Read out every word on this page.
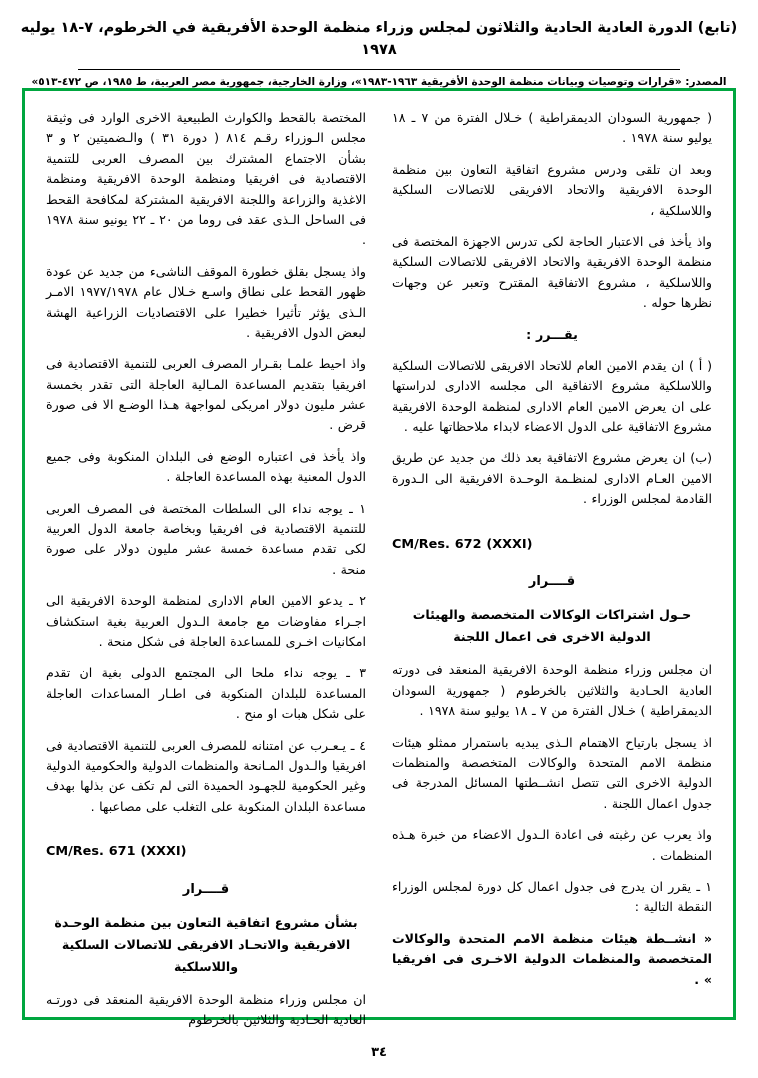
(تابع) الدورة العادية الحادية والثلاثون لمجلس وزراء منظمة الوحدة الأفريقية في الخرطوم، ٧-١٨ يوليه ١٩٧٨
المصدر: «قرارات وتوصيات وبيانات منظمة الوحدة الأفريقية ١٩٦٣-١٩٨٣»، وزارة الخارجية، جمهورية مصر العربية، ط ١٩٨٥، ص ٤٧٢-٥١٣»

( جمهورية السودان الديمقراطية ) خـلال الفترة من ٧ ـ ١٨ يوليو سنة ١٩٧٨ .

وبعد ان تلقى ودرس مشروع اتفاقية التعاون بين منظمة الوحدة الافريقية والاتحاد الافريقى للاتصالات السلكية واللاسلكية ،

واذ يأخذ فى الاعتبار الحاجة لكى تدرس الاجهزة المختصة فى منظمة الوحدة الافريقية والاتحاد الافريقى للاتصالات السلكية واللاسلكية ، مشروع الاتفاقية المقترح وتعبر عن وجهات نظرها حوله .

يقـــرر :

( أ ) ان يقدم الامين العام للاتحاد الافريقى للاتصالات السلكية واللاسلكية مشروع الاتفاقية الى مجلسه الادارى لدراستها على ان يعرض الامين العام الادارى لمنظمة الوحدة الافريقية مشروع الاتفاقية على الدول الاعضاء لابداء ملاحظاتها عليه .

(ب) ان يعرض مشروع الاتفاقية بعد ذلك من جديد عن طريق الامين العـام الادارى لمنظـمة الوحـدة الافريقية الى الـدورة القادمة لمجلس الوزراء .

CM/Res. 672 (XXXI)

قــــرار

حـول اشتراكات الوكالات المتخصصة والهيئات الدولية الاخرى فى اعمال اللجنة

ان مجلس وزراء منظمة الوحدة الافريقية المنعقد فى دورته العادية الحـادية والثلاثين بالخرطوم ( جمهورية السودان الديمقراطية ) خـلال الفترة من ٧ ـ ١٨ يوليو سنة ١٩٧٨ .

اذ يسجل بارتياح الاهتمام الـذى يبديه باستمرار ممثلو هيئات منظمة الامم المتحدة والوكالات المتخصصة والمنظمات الدولية الاخرى التى تتصل انشــطتها المسائل المدرجة فى جدول اعمال اللجنة .

واذ يعرب عن رغبته فى اعادة الـدول الاعضاء من خبرة هـذه المنظمات .

١ ـ يقرر ان يدرج فى جدول اعمال كل دورة لمجلس الوزراء النقطة التالية :

« انشــطة هيئات منظمة الامم المتحدة والوكالات المتخصصة والمنظمات الدولية الاخـرى فى افريقيا » .

المختصة بالقحط والكوارث الطبيعية الاخرى الوارد فى وثيقة مجلس الـوزراء رقـم ٨١٤ ( دورة ٣١ ) والـضميتين ٢ و ٣ بشأن الاجتماع المشترك بين المصرف العربى للتنمية الاقتصادية فى افريقيا ومنظمة الوحدة الافريقية ومنظمة الاغذية والزراعة واللجنة الافريقية المشتركة لمكافحة القحط فى الساحل الـذى عقد فى روما من ٢٠ ـ ٢٢ يونيو سنة ١٩٧٨ .

واذ يسجل بقلق خطورة الموقف الناشىء من جديد عن عودة ظهور القحط على نطاق واسـع خـلال عام ١٩٧٧/١٩٧٨ الامـر الـذى يؤثر تأثيرا خطيرا على الاقتصاديات الزراعية الهشة لبعض الدول الافريقية .

واذ احيط علمـا بقـرار المصرف العربى للتنمية الاقتصادية فى افريقيا بتقديم المساعدة المـالية العاجلة التى تقدر بخمسة عشر مليون دولار امريكى لمواجهة هـذا الوضـع الا فى صورة قرض .

واذ يأخذ فى اعتباره الوضع فى البلدان المنكوبة وفى جميع الدول المعنية بهذه المساعدة العاجلة .

١ ـ يوجه نداء الى السلطات المختصة فى المصرف العربى للتنمية الاقتصادية فى افريقيا وبخاصة جامعة الدول العربية لكى تقدم مساعدة خمسة عشر مليون دولار على صورة منحة .

٢ ـ يدعو الامين العام الادارى لمنظمة الوحدة الافريقية الى اجـراء مفاوضات مع جامعة الـدول العربية بغية استكشاف امكانيات اخـرى للمساعدة العاجلة فى شكل منحة .

٣ ـ يوجه نداء ملحا الى المجتمع الدولى بغية ان تقدم المساعدة للبلدان المنكوبة فى اطـار المساعدات العاجلة على شكل هبات او منح .

٤ ـ يـعـرب عن امتنانه للمصرف العربى للتنمية الاقتصادية فى افريقيا والـدول المـانحة والمنظمات الدولية والحكومية الدولية وغير الحكومية للجهـود الحميدة التى لم تكف عن بذلها بهدف مساعدة البلدان المنكوبة على التغلب على مصاعبها .

CM/Res. 671 (XXXI)

قــــرار

بشأن مشروع اتفاقية التعاون بين منظمة الوحـدة الافريقية والاتحـاد الافريقى للاتصالات السلكية واللاسلكية

ان مجلس وزراء منظمة الوحدة الافريقية المنعقد فى دورتـه العادية الحـادية والثلاثين بالخرطوم

٣٤
